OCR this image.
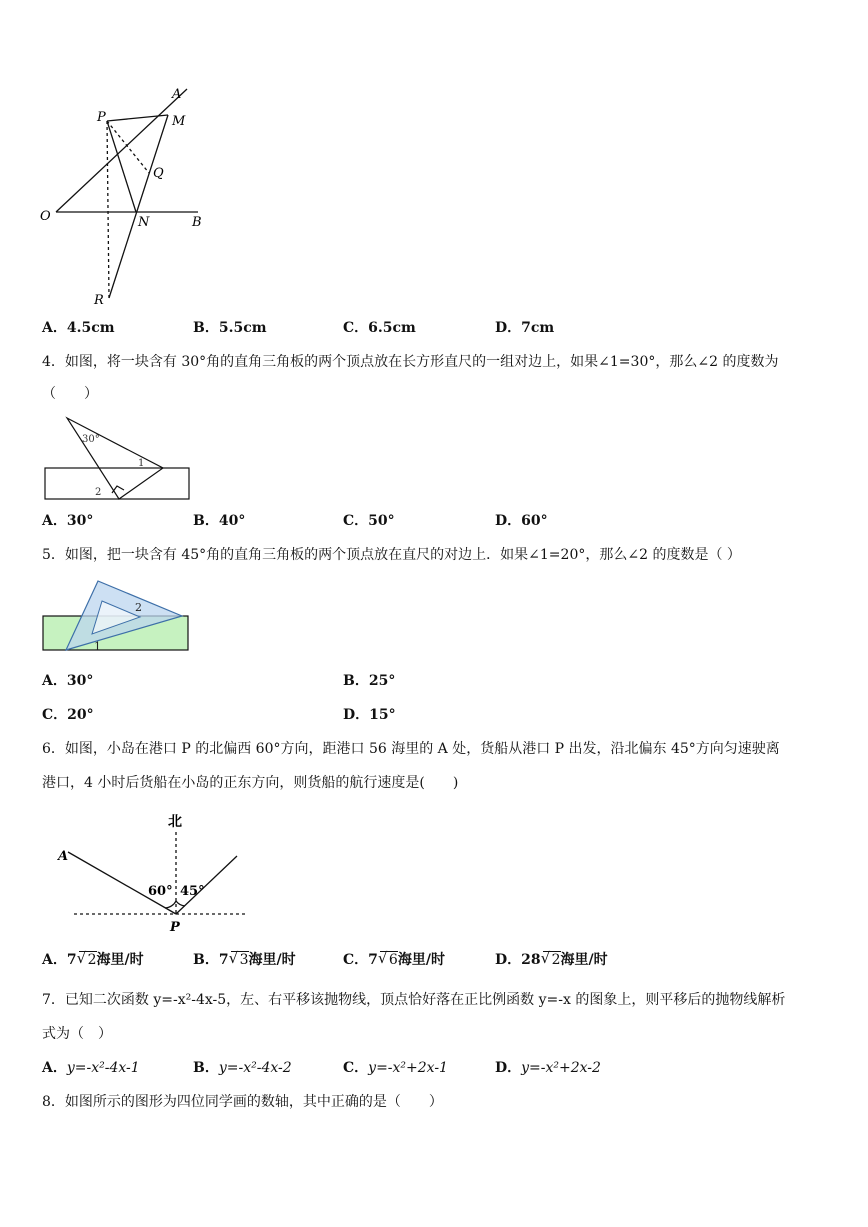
A
P	M
Q
O	N	B
R
A．4.5cm	B．5.5cm	C．6.5cm	D．7cm
4．如图，将一块含有 30°角的直角三角板的两个顶点放在长方形直尺的一组对边上，如果∠1=30°，那么∠2 的度数为
（　　）
30°
1
2
A．30°	B．40°	C．50°	D．60°
5．如图，把一块含有 45°角的直角三角板的两个顶点放在直尺的对边上．如果∠1=20°，那么∠2 的度数是（ ）
2
1
A．30°	B．25°
C．20°	D．15°
6．如图，小岛在港口 P 的北偏西 60°方向，距港口 56 海里的 A 处，货船从港口 P 出发，沿北偏东 45°方向匀速驶离
港口，4 小时后货船在小岛的正东方向，则货船的航行速度是(　　)
北
A
60° 45°
P
A．7 √ 2海里/时	B．7 √ 3海里/时	C．7 √ 6海里/时	D．28 √ 2海里/时
7．已知二次函数 y=-x²-4x-5，左、右平移该抛物线，顶点恰好落在正比例函数 y=-x 的图象上，则平移后的抛物线解析
式为（　）
A．y=-x²-4x-1	B．y=-x²-4x-2	C．y=-x²+2x-1	D．y=-x²+2x-2
8．如图所示的图形为四位同学画的数轴，其中正确的是（　　）
